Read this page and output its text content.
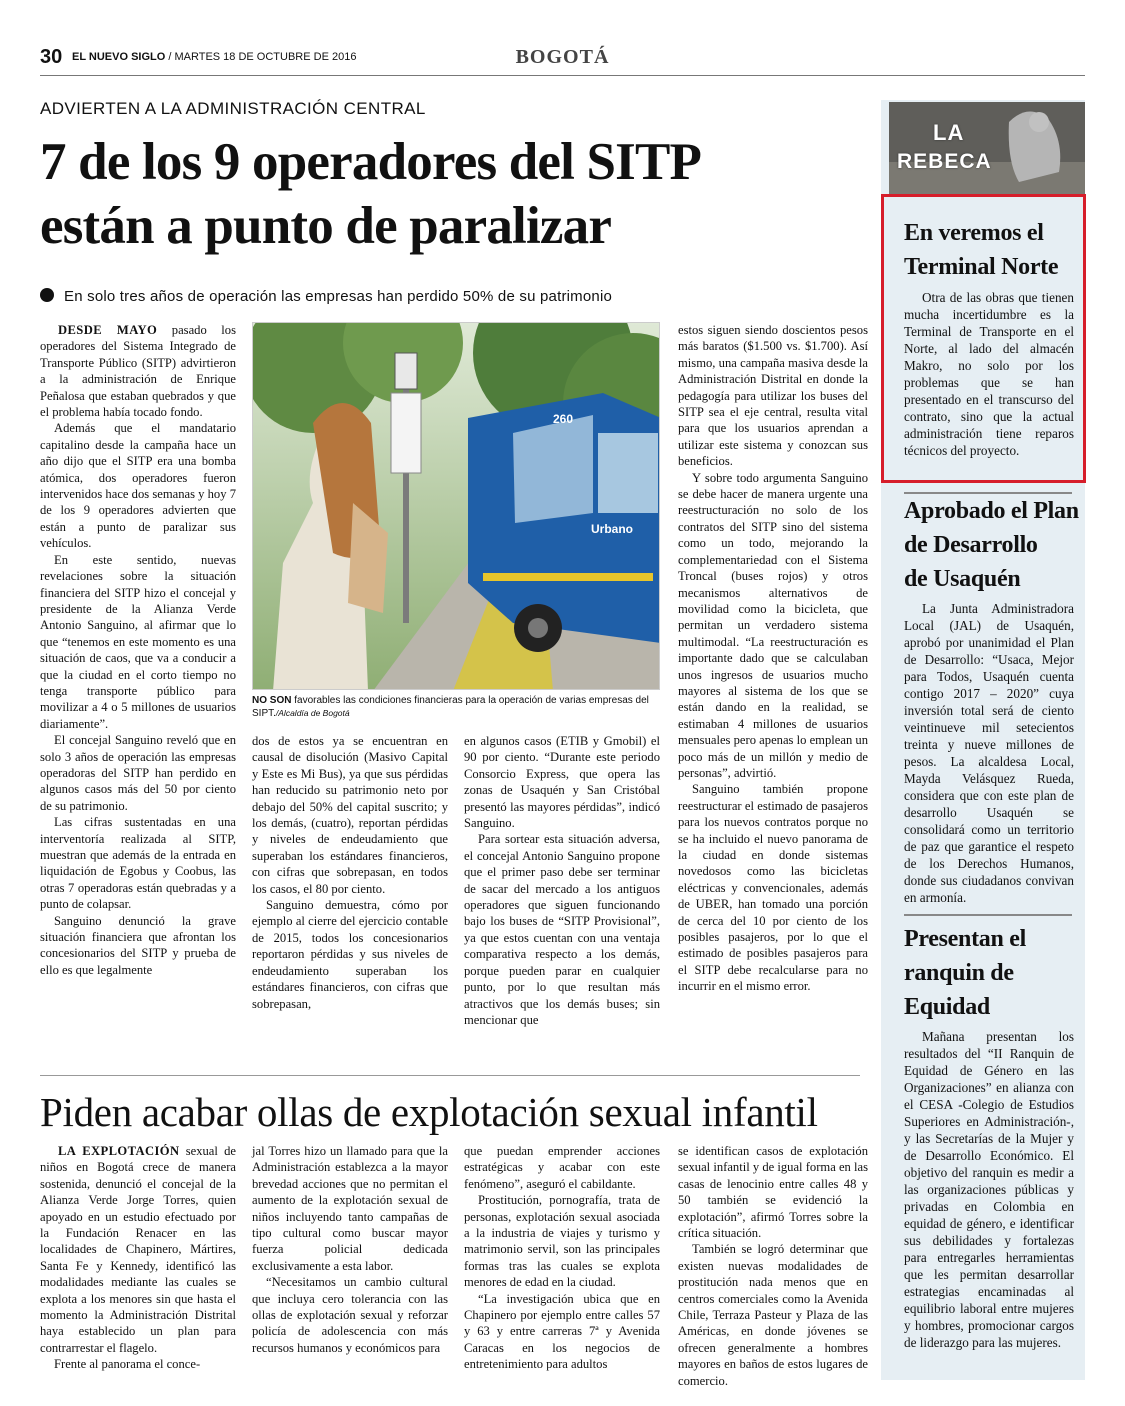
30 EL NUEVO SIGLO / MARTES 18 DE OCTUBRE DE 2016	BOGOTÁ
ADVIERTEN A LA ADMINISTRACIÓN CENTRAL
7 de los 9 operadores del SITP
están a punto de paralizar
En solo tres años de operación las empresas han perdido 50% de su patrimonio

DESDE MAYO pasado los operadores del Sistema Integrado de Transporte Público (SITP) advirtieron a la administración de Enrique Peñalosa que estaban quebrados y que el problema había tocado fondo.

Además que el mandatario capitalino desde la campaña hace un año dijo que el SITP era una bomba atómica, dos operadores fueron intervenidos hace dos semanas y hoy 7 de los 9 operadores advierten que están a punto de paralizar sus vehículos.

En este sentido, nuevas revelaciones sobre la situación financiera del SITP hizo el concejal y presidente de la Alianza Verde Antonio Sanguino, al afirmar que lo que “tenemos en este momento es una situación de caos, que va a conducir a que la ciudad en el corto tiempo no tenga transporte público para movilizar a 4 o 5 millones de usuarios diariamente”.

El concejal Sanguino reveló que en solo 3 años de operación las empresas operadoras del SITP han perdido en algunos casos más del 50 por ciento de su patrimonio.

Las cifras sustentadas en una interventoría realizada al SITP, muestran que además de la entrada en liquidación de Egobus y Coobus, las otras 7 operadoras están quebradas y a punto de colapsar.

Sanguino denunció la grave situación financiera que afrontan los concesionarios del SITP y prueba de ello es que legalmente

Urbano
260
NO SON favorables las condiciones financieras para la operación de varias empresas del SIPT./Alcaldía de Bogotá

dos de estos ya se encuentran en causal de disolución (Masivo Capital y Este es Mi Bus), ya que sus pérdidas han reducido su patrimonio neto por debajo del 50% del capital suscrito; y los demás, (cuatro), reportan pérdidas y niveles de endeudamiento que superaban los estándares financieros, con cifras que sobrepasan, en todos los casos, el 80 por ciento.

Sanguino demuestra, cómo por ejemplo al cierre del ejercicio contable de 2015, todos los concesionarios reportaron pérdidas y sus niveles de endeudamiento superaban los estándares financieros, con cifras que sobrepasan,

en algunos casos (ETIB y Gmobil) el 90 por ciento. “Durante este periodo Consorcio Express, que opera las zonas de Usaquén y San Cristóbal presentó las mayores pérdidas”, indicó Sanguino.

Para sortear esta situación adversa, el concejal Antonio Sanguino propone que el primer paso debe ser terminar de sacar del mercado a los antiguos operadores que siguen funcionando bajo los buses de “SITP Provisional”, ya que estos cuentan con una ventaja comparativa respecto a los demás, porque pueden parar en cualquier punto, por lo que resultan más atractivos que los demás buses; sin mencionar que

estos siguen siendo doscientos pesos más baratos ($1.500 vs. $1.700). Así mismo, una campaña masiva desde la Administración Distrital en donde la pedagogía para utilizar los buses del SITP sea el eje central, resulta vital para que los usuarios aprendan a utilizar este sistema y conozcan sus beneficios.

Y sobre todo argumenta Sanguino se debe hacer de manera urgente una reestructuración no solo de los contratos del SITP sino del sistema como un todo, mejorando la complementariedad con el Sistema Troncal (buses rojos) y otros mecanismos alternativos de movilidad como la bicicleta, que permitan un verdadero sistema multimodal. “La reestructuración es importante dado que se calculaban unos ingresos de usuarios mucho mayores al sistema de los que se están dando en la realidad, se estimaban 4 millones de usuarios mensuales pero apenas lo emplean un poco más de un millón y medio de personas”, advirtió.

Sanguino también propone reestructurar el estimado de pasajeros para los nuevos contratos porque no se ha incluido el nuevo panorama de la ciudad en donde sistemas novedosos como las bicicletas eléctricas y convencionales, además de UBER, han tomado una porción de cerca del 10 por ciento de los posibles pasajeros, por lo que el estimado de posibles pasajeros para el SITP debe recalcularse para no incurrir en el mismo error.

Piden acabar ollas de explotación sexual infantil

LA EXPLOTACIÓN sexual de niños en Bogotá crece de manera sostenida, denunció el concejal de la Alianza Verde Jorge Torres, quien apoyado en un estudio efectuado por la Fundación Renacer en las localidades de Chapinero, Mártires, Santa Fe y Kennedy, identificó las modalidades mediante las cuales se explota a los menores sin que hasta el momento la Administración Distrital haya establecido un plan para contrarrestar el flagelo.

Frente al panorama el conce-

jal Torres hizo un llamado para que la Administración establezca a la mayor brevedad acciones que no permitan el aumento de la explotación sexual de niños incluyendo tanto campañas de tipo cultural como buscar mayor fuerza policial dedicada exclusivamente a esta labor.

“Necesitamos un cambio cultural que incluya cero tolerancia con las ollas de explotación sexual y reforzar policía de adolescencia con más recursos humanos y económicos para

que puedan emprender acciones estratégicas y acabar con este fenómeno”, aseguró el cabildante.

Prostitución, pornografía, trata de personas, explotación sexual asociada a la industria de viajes y turismo y matrimonio servil, son las principales formas tras las cuales se explota menores de edad en la ciudad.

“La investigación ubica que en Chapinero por ejemplo entre calles 57 y 63 y entre carreras 7ª y Avenida Caracas en los negocios de entretenimiento para adultos

se identifican casos de explotación sexual infantil y de igual forma en las casas de lenocinio entre calles 48 y 50 también se evidenció la explotación”, afirmó Torres sobre la crítica situación.

También se logró determinar que existen nuevas modalidades de prostitución nada menos que en centros comerciales como la Avenida Chile, Terraza Pasteur y Plaza de las Américas, en donde jóvenes se ofrecen generalmente a hombres mayores en baños de estos lugares de comercio.

LA
REBECA
En veremos el
Terminal Norte

Otra de las obras que tienen mucha incertidumbre es la Terminal de Transporte en el Norte, al lado del almacén Makro, no solo por los problemas que se han presentado en el transcurso del contrato, sino que la actual administración tiene reparos técnicos del proyecto.

Aprobado el Plan
de Desarrollo
de Usaquén

La Junta Administradora Local (JAL) de Usaquén, aprobó por unanimidad el Plan de Desarrollo: “Usaca, Mejor para Todos, Usaquén cuenta contigo 2017 – 2020” cuya inversión total será de ciento veintinueve mil setecientos treinta y nueve millones de pesos. La alcaldesa Local, Mayda Velásquez Rueda, considera que con este plan de desarrollo Usaquén se consolidará como un territorio de paz que garantice el respeto de los Derechos Humanos, donde sus ciudadanos convivan en armonía.

Presentan el
ranquin de
Equidad

Mañana presentan los resultados del “II Ranquin de Equidad de Género en las Organizaciones” en alianza con el CESA -Colegio de Estudios Superiores en Administración-, y las Secretarías de la Mujer y de Desarrollo Económico. El objetivo del ranquin es medir a las organizaciones públicas y privadas en Colombia en equidad de género, e identificar sus debilidades y fortalezas para entregarles herramientas que les permitan desarrollar estrategias encaminadas al equilibrio laboral entre mujeres y hombres, promocionar cargos de liderazgo para las mujeres.
